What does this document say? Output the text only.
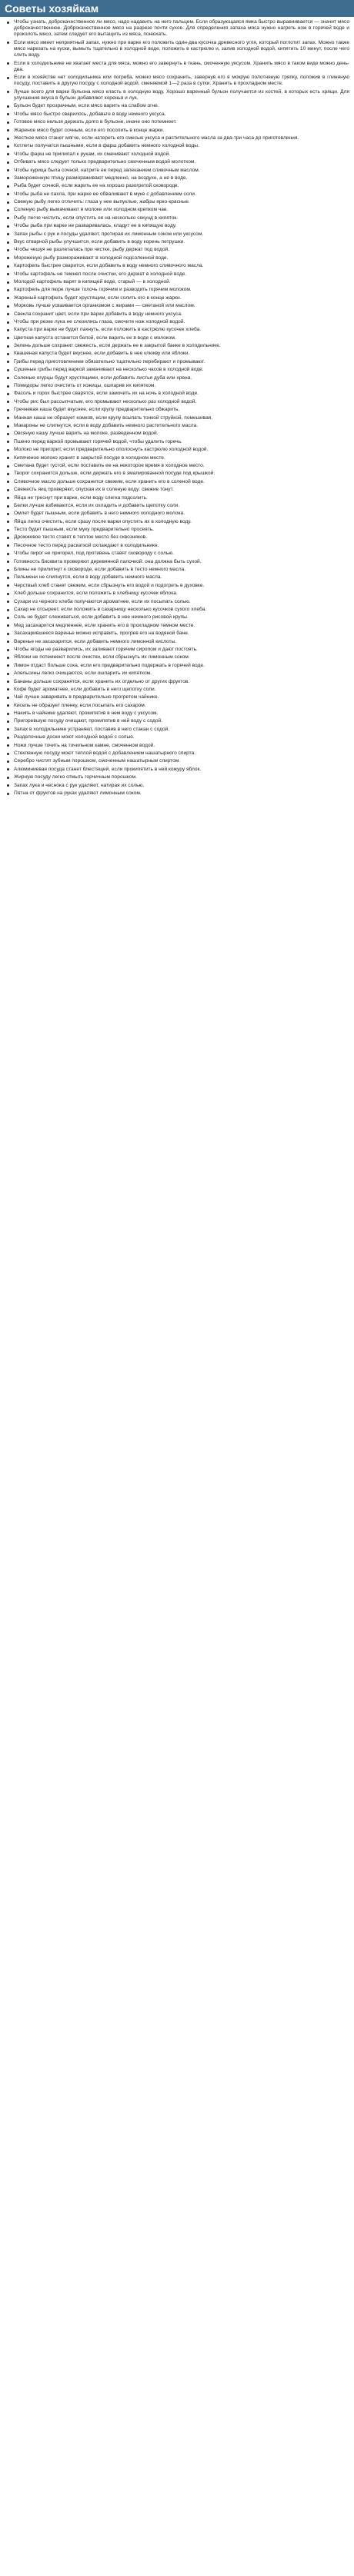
Советы хозяйкам
Чтобы узнать, доброкачественное ли мясо, надо надавить на него пальцем. Если образующаяся ямка быстро выравнивается — значит мясо доброкачественное. Доброкачественное мясо на разрезе почти сухое. Для определения запаха мяса нужно нагреть нож в горячей воде и проколоть мясо, затем следует его вытащить из мяса, понюхать.
Если мясо имеет неприятный запах, нужно при варке его положить один-два кусочка древесного угля, который поглотит запах. Можно также мясо нарезать на куски, вымыть тщательно в холодной воде, положить в кастрюлю и, залив холодной водой, кипятить 10 минут, после чего слить воду.
Если в холодильнике не хватает места для мяса, можно его завернуть в ткань, смоченную уксусом. Хранить мясо в таком виде можно день-два.
Если в хозяйстве нет холодильника или погреба, можно мясо сохранить, завернув его в мокрую полотняную тряпку, положив в глиняную посуду, поставить в другую посуду с холодной водой, сменяемой 1—2 раза в сутки. Хранить в прохладном месте.
Лучше всего для варки бульона мясо класть в холодную воду. Хорошо варенный бульон получается из костей, в которых есть хрящи. Для улучшения вкуса в бульон добавляют коренья и лук.
Бульон будет прозрачным, если мясо варить на слабом огне.
Чтобы мясо быстро сварилось, добавьте в воду немного уксуса.
Готовое мясо нельзя держать долго в бульоне, иначе оно потемнеет.
Жареное мясо будет сочным, если его посолить в конце жарки.
Жесткое мясо станет мягче, если натереть его смесью уксуса и растительного масла за два-три часа до приготовления.
Котлеты получатся пышными, если в фарш добавить немного холодной воды.
Чтобы фарш не прилипал к рукам, их смачивают холодной водой.
Отбивать мясо следует только предварительно смоченным водой молотком.
Чтобы курица была сочной, натрите ее перед запеканием сливочным маслом.
Замороженную птицу размораживают медленно, на воздухе, а не в воде.
Рыба будет сочной, если жарить ее на хорошо разогретой сковороде.
Чтобы рыба не пахла, при жарке ее обваливают в муке с добавлением соли.
Свежую рыбу легко отличить: глаза у нее выпуклые, жабры ярко-красные.
Соленую рыбу вымачивают в молоке или холодном крепком чае.
Рыбу легче чистить, если опустить ее на несколько секунд в кипяток.
Чтобы рыба при варке не разваривалась, кладут ее в кипящую воду.
Запах рыбы с рук и посуды удаляют, протирая их лимонным соком или уксусом.
Вкус отварной рыбы улучшится, если добавить в воду корень петрушки.
Чтобы чешуя не разлеталась при чистке, рыбу держат под водой.
Мороженую рыбу размораживают в холодной подсоленной воде.
Картофель быстрее сварится, если добавить в воду немного сливочного масла.
Чтобы картофель не темнел после очистки, его держат в холодной воде.
Молодой картофель варят в кипящей воде, старый — в холодной.
Картофель для пюре лучше толочь горячим и разводить горячим молоком.
Жареный картофель будет хрустящим, если солить его в конце жарки.
Морковь лучше усваивается организмом с жирами — сметаной или маслом.
Свекла сохранит цвет, если при варке добавить в воду немного уксуса.
Чтобы при резке лука не слезились глаза, смочите нож холодной водой.
Капуста при варке не будет пахнуть, если положить в кастрюлю кусочек хлеба.
Цветная капуста останется белой, если варить ее в воде с молоком.
Зелень дольше сохранит свежесть, если держать ее в закрытой банке в холодильнике.
Квашеная капуста будет вкуснее, если добавить в нее клюкву или яблоки.
Грибы перед приготовлением обязательно тщательно перебирают и промывают.
Сушеные грибы перед варкой замачивают на несколько часов в холодной воде.
Соленые огурцы будут хрустящими, если добавить листья дуба или хрена.
Помидоры легко очистить от кожицы, ошпарив их кипятком.
Фасоль и горох быстрее сварятся, если замочить их на ночь в холодной воде.
Чтобы рис был рассыпчатым, его промывают несколько раз холодной водой.
Гречневая каша будет вкуснее, если крупу предварительно обжарить.
Манная каша не образует комков, если крупу всыпать тонкой струйкой, помешивая.
Макароны не слипнутся, если в воду добавить немного растительного масла.
Овсяную кашу лучше варить на молоке, разведенном водой.
Пшено перед варкой промывают горячей водой, чтобы удалить горечь.
Молоко не пригорит, если предварительно ополоснуть кастрюлю холодной водой.
Кипяченое молоко хранят в закрытой посуде в холодном месте.
Сметана будет густой, если поставить ее на некоторое время в холодное место.
Творог сохранится дольше, если держать его в эмалированной посуде под крышкой.
Сливочное масло дольше сохранится свежим, если хранить его в соленой воде.
Свежесть яиц проверяют, опуская их в соленую воду: свежие тонут.
Яйца не треснут при варке, если воду слегка подсолить.
Белки лучше взбиваются, если их охладить и добавить щепотку соли.
Омлет будет пышным, если добавить в него немного холодного молока.
Яйца легко очистить, если сразу после варки опустить их в холодную воду.
Тесто будет пышным, если муку предварительно просеять.
Дрожжевое тесто ставят в теплое место без сквозняков.
Песочное тесто перед раскаткой охлаждают в холодильнике.
Чтобы пирог не пригорел, под противень ставят сковороду с солью.
Готовность бисквита проверяют деревянной палочкой: она должна быть сухой.
Блины не прилипнут к сковороде, если добавить в тесто немного масла.
Пельмени не слипнутся, если в воду добавить немного масла.
Черствый хлеб станет свежим, если сбрызнуть его водой и подогреть в духовке.
Хлеб дольше сохранится, если положить в хлебницу кусочек яблока.
Сухари из черного хлеба получаются ароматнее, если их посыпать солью.
Сахар не отсыреет, если положить в сахарницу несколько кусочков сухого хлеба.
Соль не будет слеживаться, если добавить в нее немного рисовой крупы.
Мед засахарится медленнее, если хранить его в прохладном темном месте.
Засахарившееся варенье можно исправить, прогрев его на водяной бане.
Варенье не засахарится, если добавить немного лимонной кислоты.
Чтобы ягоды не разварились, их заливают горячим сиропом и дают постоять.
Яблоки не потемнеют после очистки, если сбрызнуть их лимонным соком.
Лимон отдаст больше сока, если его предварительно подержать в горячей воде.
Апельсины легко очищаются, если ошпарить их кипятком.
Бананы дольше сохранятся, если хранить их отдельно от других фруктов.
Кофе будет ароматнее, если добавить в него щепотку соли.
Чай лучше заваривать в предварительно прогретом чайнике.
Кисель не образует пленку, если посыпать его сахаром.
Накипь в чайнике удаляют, прокипятив в нем воду с уксусом.
Пригоревшую посуду очищают, прокипятив в ней воду с содой.
Запах в холодильнике устраняют, поставив в него стакан с содой.
Разделочные доски моют холодной водой с солью.
Ножи лучше точить на точильном камне, смоченном водой.
Стеклянную посуду моют теплой водой с добавлением нашатырного спирта.
Серебро чистят зубным порошком, смоченным нашатырным спиртом.
Алюминиевая посуда станет блестящей, если прокипятить в ней кожуру яблок.
Жирную посуду легко отмыть горчичным порошком.
Запах лука и чеснока с рук удаляют, натирая их солью.
Пятна от фруктов на руках удаляют лимонным соком.
